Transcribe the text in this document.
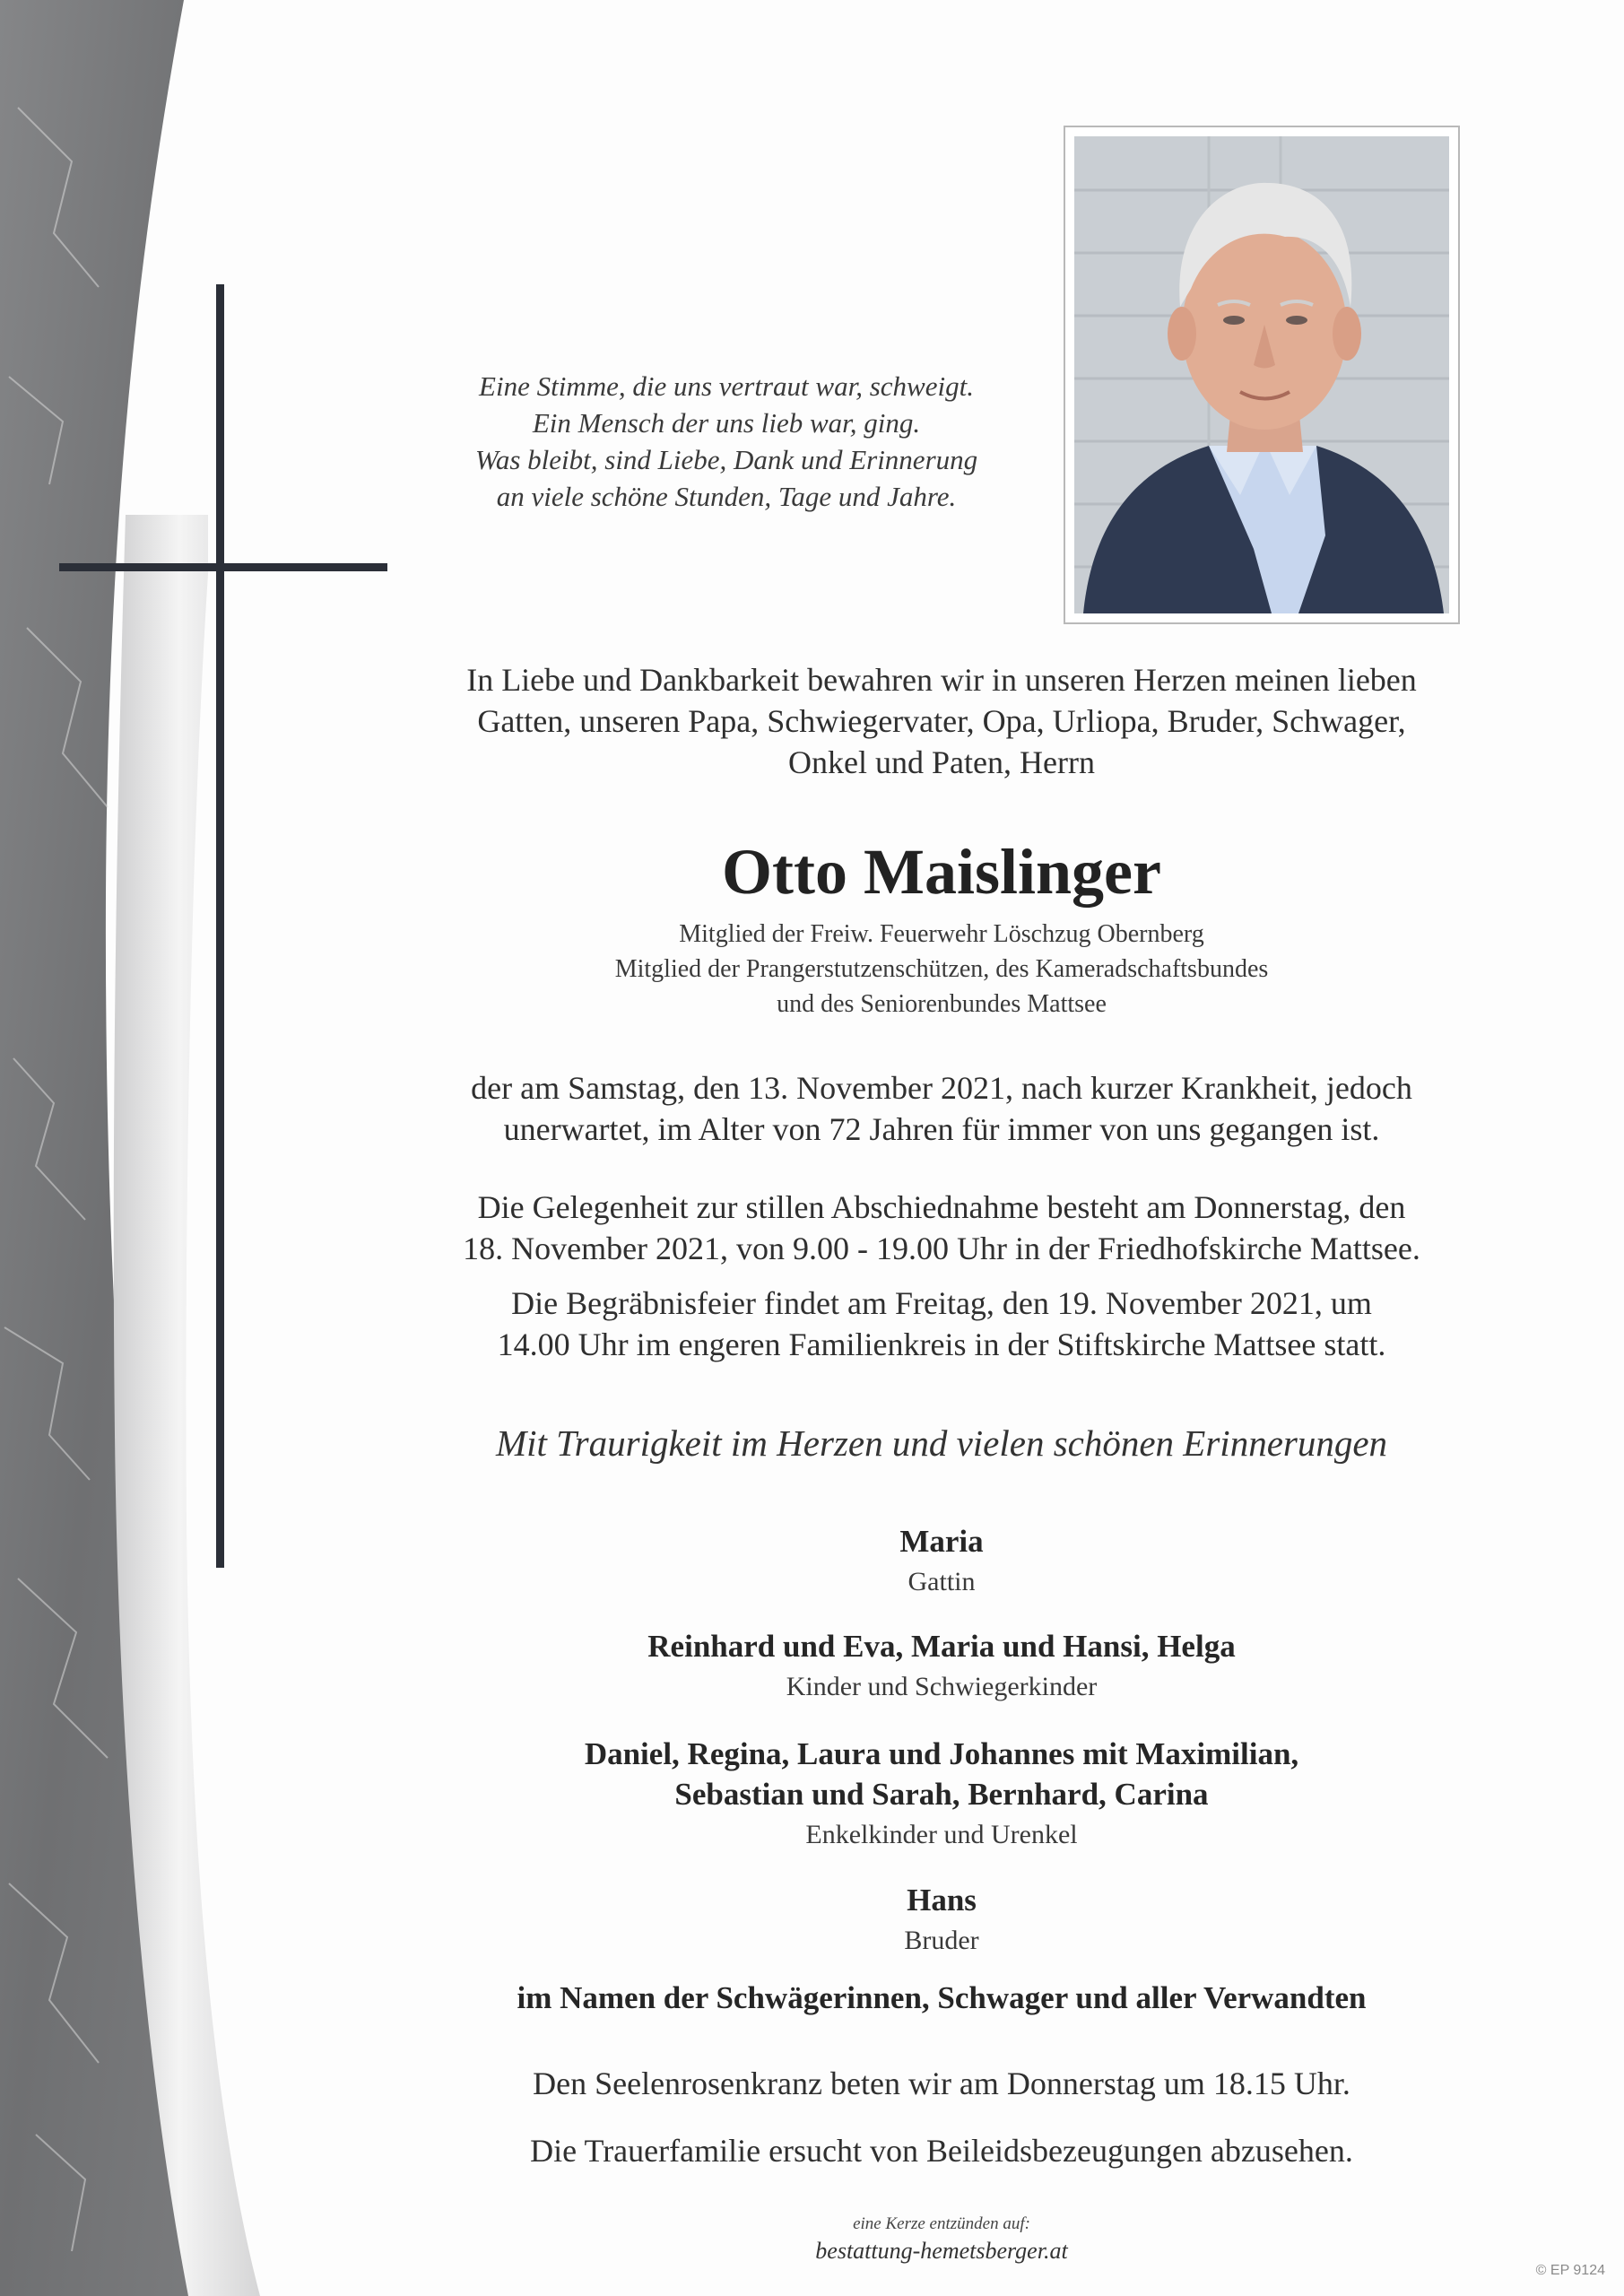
Eine Stimme, die uns vertraut war, schweigt.
Ein Mensch der uns lieb war, ging.
Was bleibt, sind Liebe, Dank und Erinnerung
an viele schöne Stunden, Tage und Jahre.
In Liebe und Dankbarkeit bewahren wir in unseren Herzen meinen lieben
Gatten, unseren Papa, Schwiegervater, Opa, Urliopa, Bruder, Schwager,
Onkel und Paten, Herrn
Otto Maislinger
Mitglied der Freiw. Feuerwehr Löschzug Obernberg
Mitglied der Prangerstutzenschützen, des Kameradschaftsbundes
und des Seniorenbundes Mattsee
der am Samstag, den 13. November 2021, nach kurzer Krankheit, jedoch
unerwartet, im Alter von 72 Jahren für immer von uns gegangen ist.
Die Gelegenheit zur stillen Abschiednahme besteht am Donnerstag, den
18. November 2021, von 9.00 - 19.00 Uhr in der Friedhofskirche Mattsee.
Die Begräbnisfeier findet am Freitag, den 19. November 2021, um
14.00 Uhr im engeren Familienkreis in der Stiftskirche Mattsee statt.
Mit Traurigkeit im Herzen und vielen schönen Erinnerungen
Maria
Gattin
Reinhard und Eva, Maria und Hansi, Helga
Kinder und Schwiegerkinder
Daniel, Regina, Laura und Johannes mit Maximilian,
Sebastian und Sarah, Bernhard, Carina
Enkelkinder und Urenkel
Hans
Bruder
im Namen der Schwägerinnen, Schwager und aller Verwandten
Den Seelenrosenkranz beten wir am Donnerstag um 18.15 Uhr.
Die Trauerfamilie ersucht von Beileidsbezeugungen abzusehen.
eine Kerze entzünden auf:
bestattung-hemetsberger.at
© EP 9124
